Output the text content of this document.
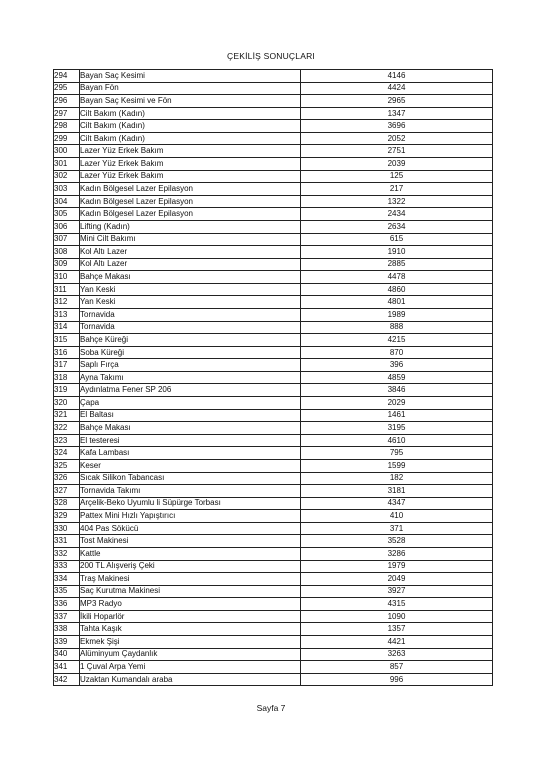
ÇEKİLİŞ SONUÇLARI
294	Bayan Saç Kesimi	4146
295	Bayan Fön	4424
296	Bayan Saç Kesimi ve Fön	2965
297	Cilt Bakım (Kadın)	1347
298	Cilt Bakım (Kadın)	3696
299	Cilt Bakım (Kadın)	2052
300	Lazer Yüz Erkek Bakım	2751
301	Lazer Yüz Erkek Bakım	2039
302	Lazer Yüz Erkek Bakım	125
303	Kadın Bölgesel Lazer Epilasyon	217
304	Kadın Bölgesel Lazer Epilasyon	1322
305	Kadın Bölgesel Lazer Epilasyon	2434
306	Lifting (Kadın)	2634
307	Mini Cilt Bakımı	615
308	Kol Altı Lazer	1910
309	Kol Altı Lazer	2885
310	Bahçe Makası	4478
311	Yan Keski	4860
312	Yan Keski	4801
313	Tornavida	1989
314	Tornavida	888
315	Bahçe Küreği	4215
316	Soba Küreği	870
317	Saplı Fırça	396
318	Ayna Takımı	4859
319	Aydınlatma Fener SP 206	3846
320	Çapa	2029
321	El Baltası	1461
322	Bahçe Makası	3195
323	El testeresi	4610
324	Kafa Lambası	795
325	Keser	1599
326	Sıcak Silikon Tabancası	182
327	Tornavida Takımı	3181
328	Arçelik-Beko Uyumlu li Süpürge Torbası	4347
329	Pattex Mini Hızlı Yapıştırıcı	410
330	404 Pas Sökücü	371
331	Tost Makinesi	3528
332	Kattle	3286
333	200 TL Alışveriş Çeki	1979
334	Traş Makinesi	2049
335	Saç Kurutma Makinesi	3927
336	MP3 Radyo	4315
337	İkili Hoparlör	1090
338	Tahta Kaşık	1357
339	Ekmek Şişi	4421
340	Alüminyum Çaydanlık	3263
341	1 Çuval Arpa Yemi	857
342	Uzaktan Kumandalı araba	996
Sayfa 7
